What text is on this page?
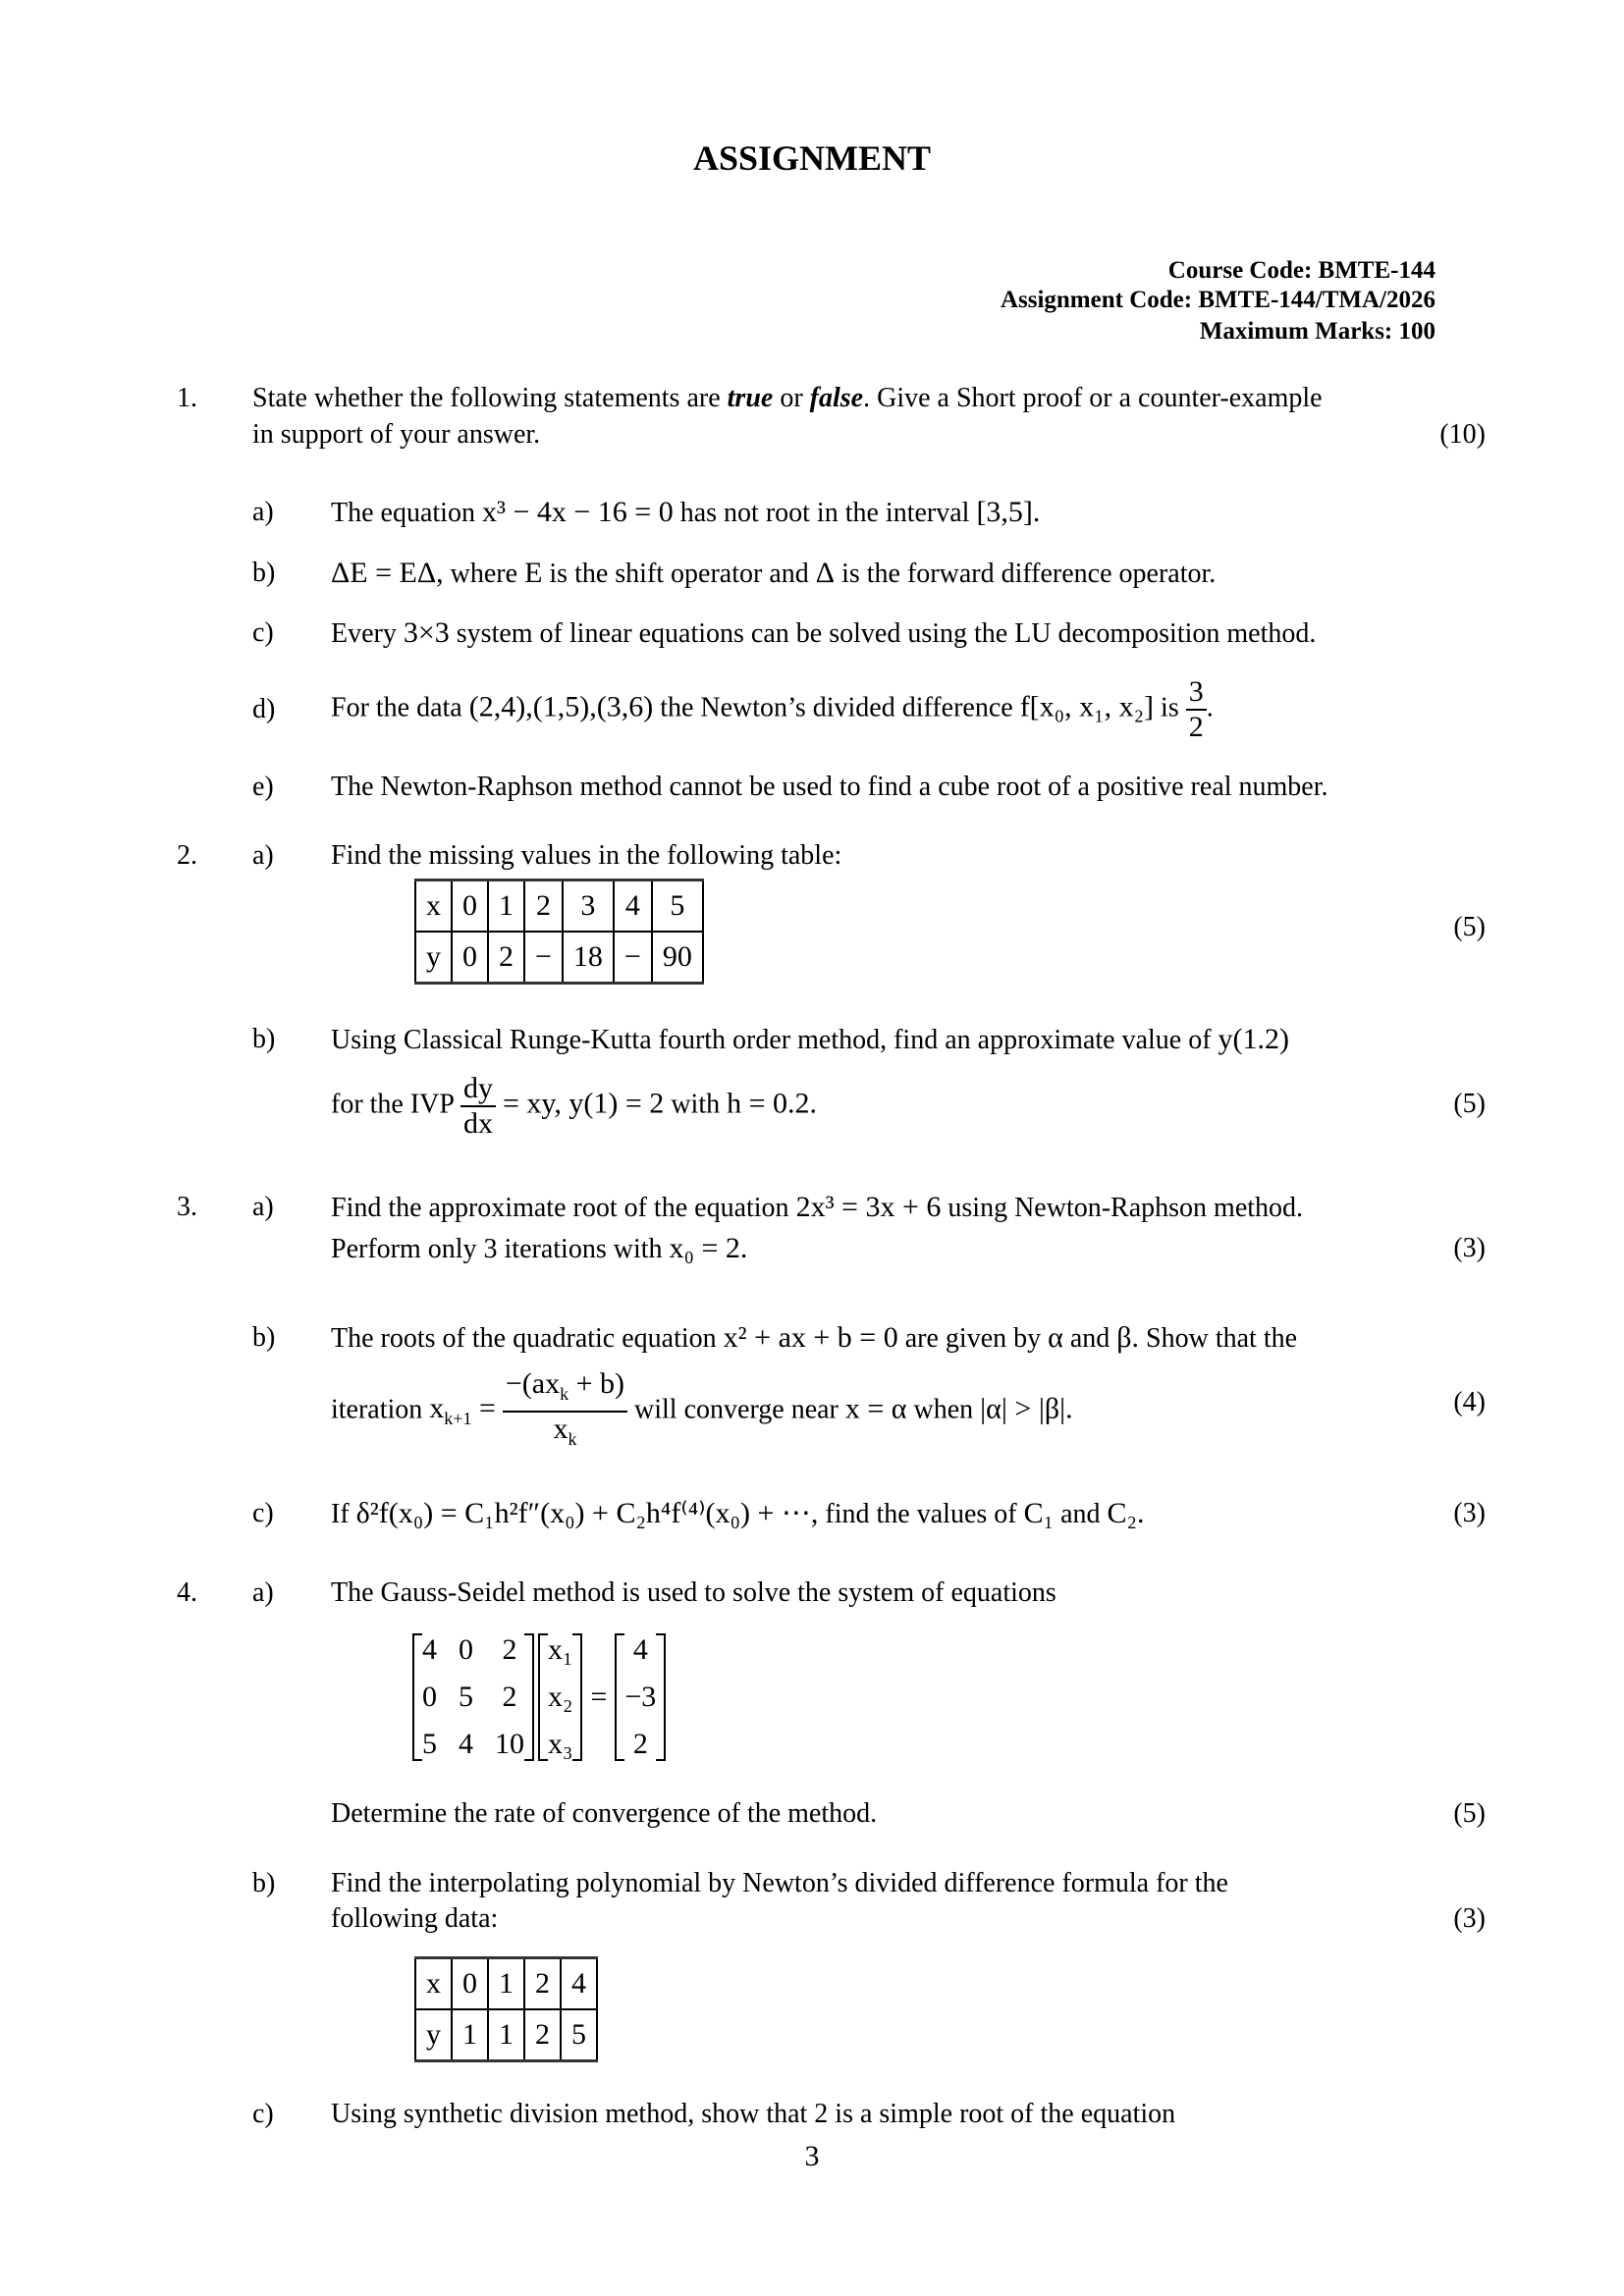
ASSIGNMENT
Course Code: BMTE-144
Assignment Code: BMTE-144/TMA/2026
Maximum Marks: 100
1. State whether the following statements are true or false. Give a Short proof or a counter-example
in support of your answer.	(10)
a) The equation x³ − 4x − 16 = 0 has not root in the interval [3,5].
b) ΔE = EΔ, where E is the shift operator and Δ is the forward difference operator.
c) Every 3×3 system of linear equations can be solved using the LU decomposition method.
d) For the data (2,4),(1,5),(3,6) the Newton’s divided difference f[x₀, x₁, x₂] is $\frac{3}{2}$ .
e) The Newton-Raphson method cannot be used to find a cube root of a positive real number.
2. a) Find the missing values in the following table:
x	0	1	2	3	4	5
y	0	2	−	18	−	90
(5)
b) Using Classical Runge-Kutta fourth order method, find an approximate value of y(1.2)
for the IVP $\frac{dy}{dx}$ = xy, y(1) = 2 with h = 0.2.	(5)
3. a) Find the approximate root of the equation 2x³ = 3x + 6 using Newton-Raphson method.
Perform only 3 iterations with x₀ = 2.	(3)
b) The roots of the quadratic equation x² + ax + b = 0 are given by α and β. Show that the
iteration $x_{k+1} = \frac{-(ax_k + b)}{x_k}$ will converge near x = α when |α| > |β|.	(4)
c) If δ²f(x₀) = C₁h²f″(x₀) + C₂h⁴f⁽⁴⁾(x₀) + ⋯, find the values of C₁ and C₂.	(3)
4. a) The Gauss-Seidel method is used to solve the system of equations
4 0 2
0 5 2
5 4 10
x₁
x₂
x₃
=
4
−3
2
Determine the rate of convergence of the method.	(5)
b) Find the interpolating polynomial by Newton’s divided difference formula for the
following data:	(3)
x	0	1	2	4
y	1	1	2	5
c) Using synthetic division method, show that 2 is a simple root of the equation
3
